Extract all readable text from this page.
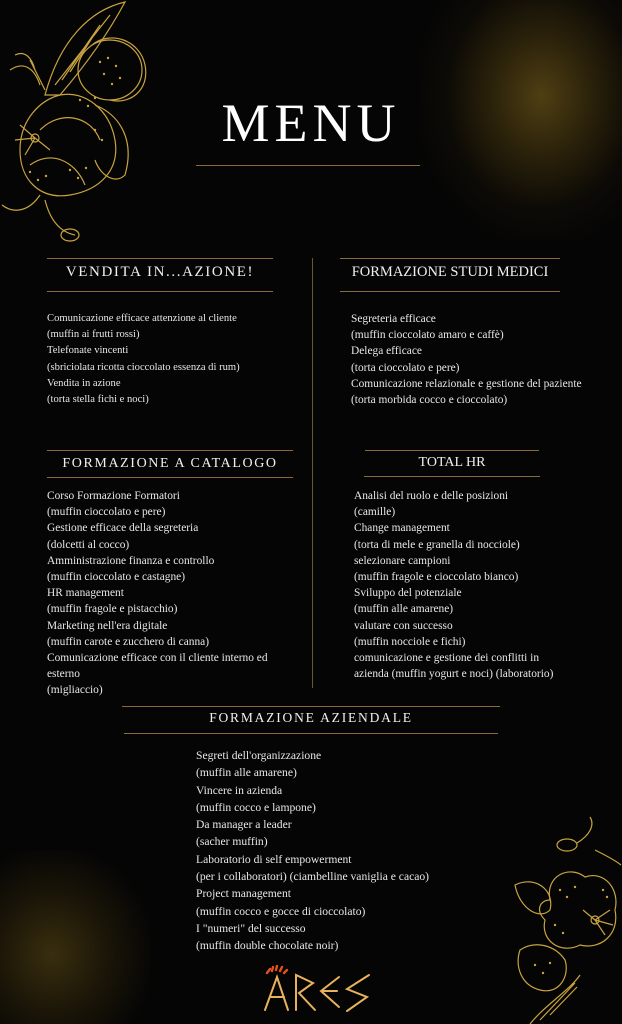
MENU
VENDITA IN...AZIONE!
Comunicazione efficace attenzione al cliente
(muffin ai frutti rossi)
Telefonate vincenti
(sbriciolata ricotta cioccolato essenza di rum)
Vendita in azione
(torta stella fichi e noci)
FORMAZIONE STUDI MEDICI
Segreteria efficace
(muffin cioccolato amaro e caffè)
Delega efficace
(torta cioccolato e pere)
Comunicazione relazionale e gestione del paziente
(torta morbida cocco e cioccolato)
FORMAZIONE A CATALOGO
Corso Formazione Formatori
(muffin cioccolato e pere)
Gestione efficace della segreteria
(dolcetti al cocco)
Amministrazione finanza e controllo
(muffin cioccolato e castagne)
HR management
(muffin fragole e pistacchio)
Marketing nell'era digitale
(muffin carote e zucchero di canna)
Comunicazione efficace con il cliente interno ed
esterno
(migliaccio)
TOTAL HR
Analisi del ruolo e delle posizioni
(camille)
Change management
(torta di mele e granella di nocciole)
selezionare campioni
(muffin fragole e cioccolato bianco)
Sviluppo del potenziale
(muffin alle amarene)
valutare con successo
(muffin nocciole e fichi)
comunicazione e gestione dei conflitti in
azienda (muffin yogurt e noci) (laboratorio)
FORMAZIONE AZIENDALE
Segreti dell'organizzazione
(muffin alle amarene)
Vincere in azienda
(muffin cocco e lampone)
Da manager a leader
(sacher muffin)
Laboratorio di self empowerment
(per i collaboratori) (ciambelline vaniglia e cacao)
Project management
(muffin cocco e gocce di cioccolato)
I "numeri" del successo
(muffin double chocolate noir)
